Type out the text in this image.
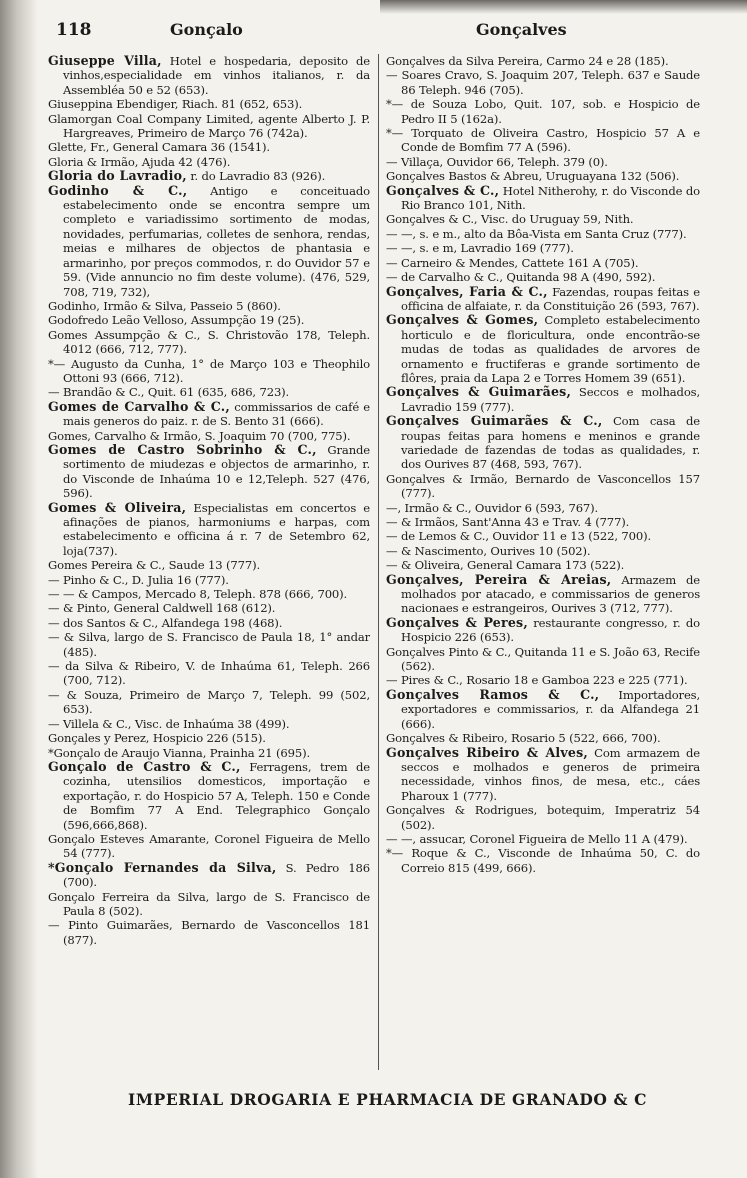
118	Gonçalo	Gonçalves

Giuseppe Villa, Hotel e hospedaria, deposito de vinhos,especialidade em vinhos italianos, r. da Assembléa 50 e 52 (653).

Giuseppina Ebendiger, Riach. 81 (652, 653).

Glamorgan Coal Company Limited, agente Alberto J. P. Hargreaves, Primeiro de Março 76 (742a).

Glette, Fr., General Camara 36 (1541).

Gloria & Irmão, Ajuda 42 (476).

Gloria do Lavradio, r. do Lavradio 83 (926).

Godinho & C., Antigo e conceituado estabelecimento onde se encontra sempre um completo e variadissimo sortimento de modas, novidades, perfumarias, colletes de senhora, rendas, meias e milhares de objectos de phantasia e armarinho, por preços commodos, r. do Ouvidor 57 e 59. (Vide annuncio no fim deste volume). (476, 529, 708, 719, 732),

Godinho, Irmão & Silva, Passeio 5 (860).

Godofredo Leão Velloso, Assumpção 19 (25).

Gomes Assumpção & C., S. Christovão 178, Teleph. 4012 (666, 712, 777).

*— Augusto da Cunha, 1° de Março 103 e Theophilo Ottoni 93 (666, 712).

— Brandão & C., Quit. 61 (635, 686, 723).

Gomes de Carvalho & C., commissarios de café e mais generos do paiz. r. de S. Bento 31 (666).

Gomes, Carvalho & Irmão, S. Joaquim 70 (700, 775).

Gomes de Castro Sobrinho & C., Grande sortimento de miudezas e objectos de armarinho, r. do Visconde de Inhaúma 10 e 12,Teleph. 527 (476, 596).

Gomes & Oliveira, Especialistas em concertos e afinações de pianos, harmoniums e harpas, com estabelecimento e officina á r. 7 de Setembro 62, loja(737).

Gomes Pereira & C., Saude 13 (777).

— Pinho & C., D. Julia 16 (777).

— — & Campos, Mercado 8, Teleph. 878 (666, 700).

— & Pinto, General Caldwell 168 (612).

— dos Santos & C., Alfandega 198 (468).

— & Silva, largo de S. Francisco de Paula 18, 1° andar (485).

— da Silva & Ribeiro, V. de Inhaúma 61, Teleph. 266 (700, 712).

— & Souza, Primeiro de Março 7, Teleph. 99 (502, 653).

— Villela & C., Visc. de Inhaúma 38 (499).

Gonçales y Perez, Hospicio 226 (515).

*Gonçalo de Araujo Vianna, Prainha 21 (695).

Gonçalo de Castro & C., Ferragens, trem de cozinha, utensilios domesticos, importação e exportação, r. do Hospicio 57 A, Teleph. 150 e Conde de Bomfim 77 A End. Telegraphico Gonçalo (596,666,868).

Gonçalo Esteves Amarante, Coronel Figueira de Mello 54 (777).

*Gonçalo Fernandes da Silva, S. Pedro 186 (700).

Gonçalo Ferreira da Silva, largo de S. Francisco de Paula 8 (502).

— Pinto Guimarães, Bernardo de Vasconcellos 181 (877).

Gonçalves da Silva Pereira, Carmo 24 e 28 (185).

— Soares Cravo, S. Joaquim 207, Teleph. 637 e Saude 86 Teleph. 946 (705).

*— de Souza Lobo, Quit. 107, sob. e Hospicio de Pedro II 5 (162a).

*— Torquato de Oliveira Castro, Hospicio 57 A e Conde de Bomfim 77 A (596).

— Villaça, Ouvidor 66, Teleph. 379 (0).

Gonçalves Bastos & Abreu, Uruguayana 132 (506).

Gonçalves & C., Hotel Nitherohy, r. do Visconde do Rio Branco 101, Nith.

Gonçalves & C., Visc. do Uruguay 59, Nith.

— —, s. e m., alto da Bôa-Vista em Santa Cruz (777).

— —, s. e m, Lavradio 169 (777).

— Carneiro & Mendes, Cattete 161 A (705).

— de Carvalho & C., Quitanda 98 A (490, 592).

Gonçalves, Faria & C., Fazendas, roupas feitas e officina de alfaiate, r. da Constituição 26 (593, 767).

Gonçalves & Gomes, Completo estabelecimento horticulo e de floricultura, onde encontrão-se mudas de todas as qualidades de arvores de ornamento e fructiferas e grande sortimento de flôres, praia da Lapa 2 e Torres Homem 39 (651).

Gonçalves & Guimarães, Seccos e molhados, Lavradio 159 (777).

Gonçalves Guimarães & C., Com casa de roupas feitas para homens e meninos e grande variedade de fazendas de todas as qualidades, r. dos Ourives 87 (468, 593, 767).

Gonçalves & Irmão, Bernardo de Vasconcellos 157 (777).

—, Irmão & C., Ouvidor 6 (593, 767).

— & Irmãos, Sant'Anna 43 e Trav. 4 (777).

— de Lemos & C., Ouvidor 11 e 13 (522, 700).

— & Nascimento, Ourives 10 (502).

— & Oliveira, General Camara 173 (522).

Gonçalves, Pereira & Areias, Armazem de molhados por atacado, e commissarios de generos nacionaes e estrangeiros, Ourives 3 (712, 777).

Gonçalves & Peres, restaurante congresso, r. do Hospicio 226 (653).

Gonçalves Pinto & C., Quitanda 11 e S. João 63, Recife (562).

— Pires & C., Rosario 18 e Gamboa 223 e 225 (771).

Gonçalves Ramos & C., Importadores, exportadores e commissarios, r. da Alfandega 21 (666).

Gonçalves & Ribeiro, Rosario 5 (522, 666, 700).

Gonçalves Ribeiro & Alves, Com armazem de seccos e molhados e generos de primeira necessidade, vinhos finos, de mesa, etc., cáes Pharoux 1 (777).

Gonçalves & Rodrigues, botequim, Imperatriz 54 (502).

— —, assucar, Coronel Figueira de Mello 11 A (479).

*— Roque & C., Visconde de Inhaúma 50, C. do Correio 815 (499, 666).

IMPERIAL DROGARIA E PHARMACIA DE GRANADO & C
